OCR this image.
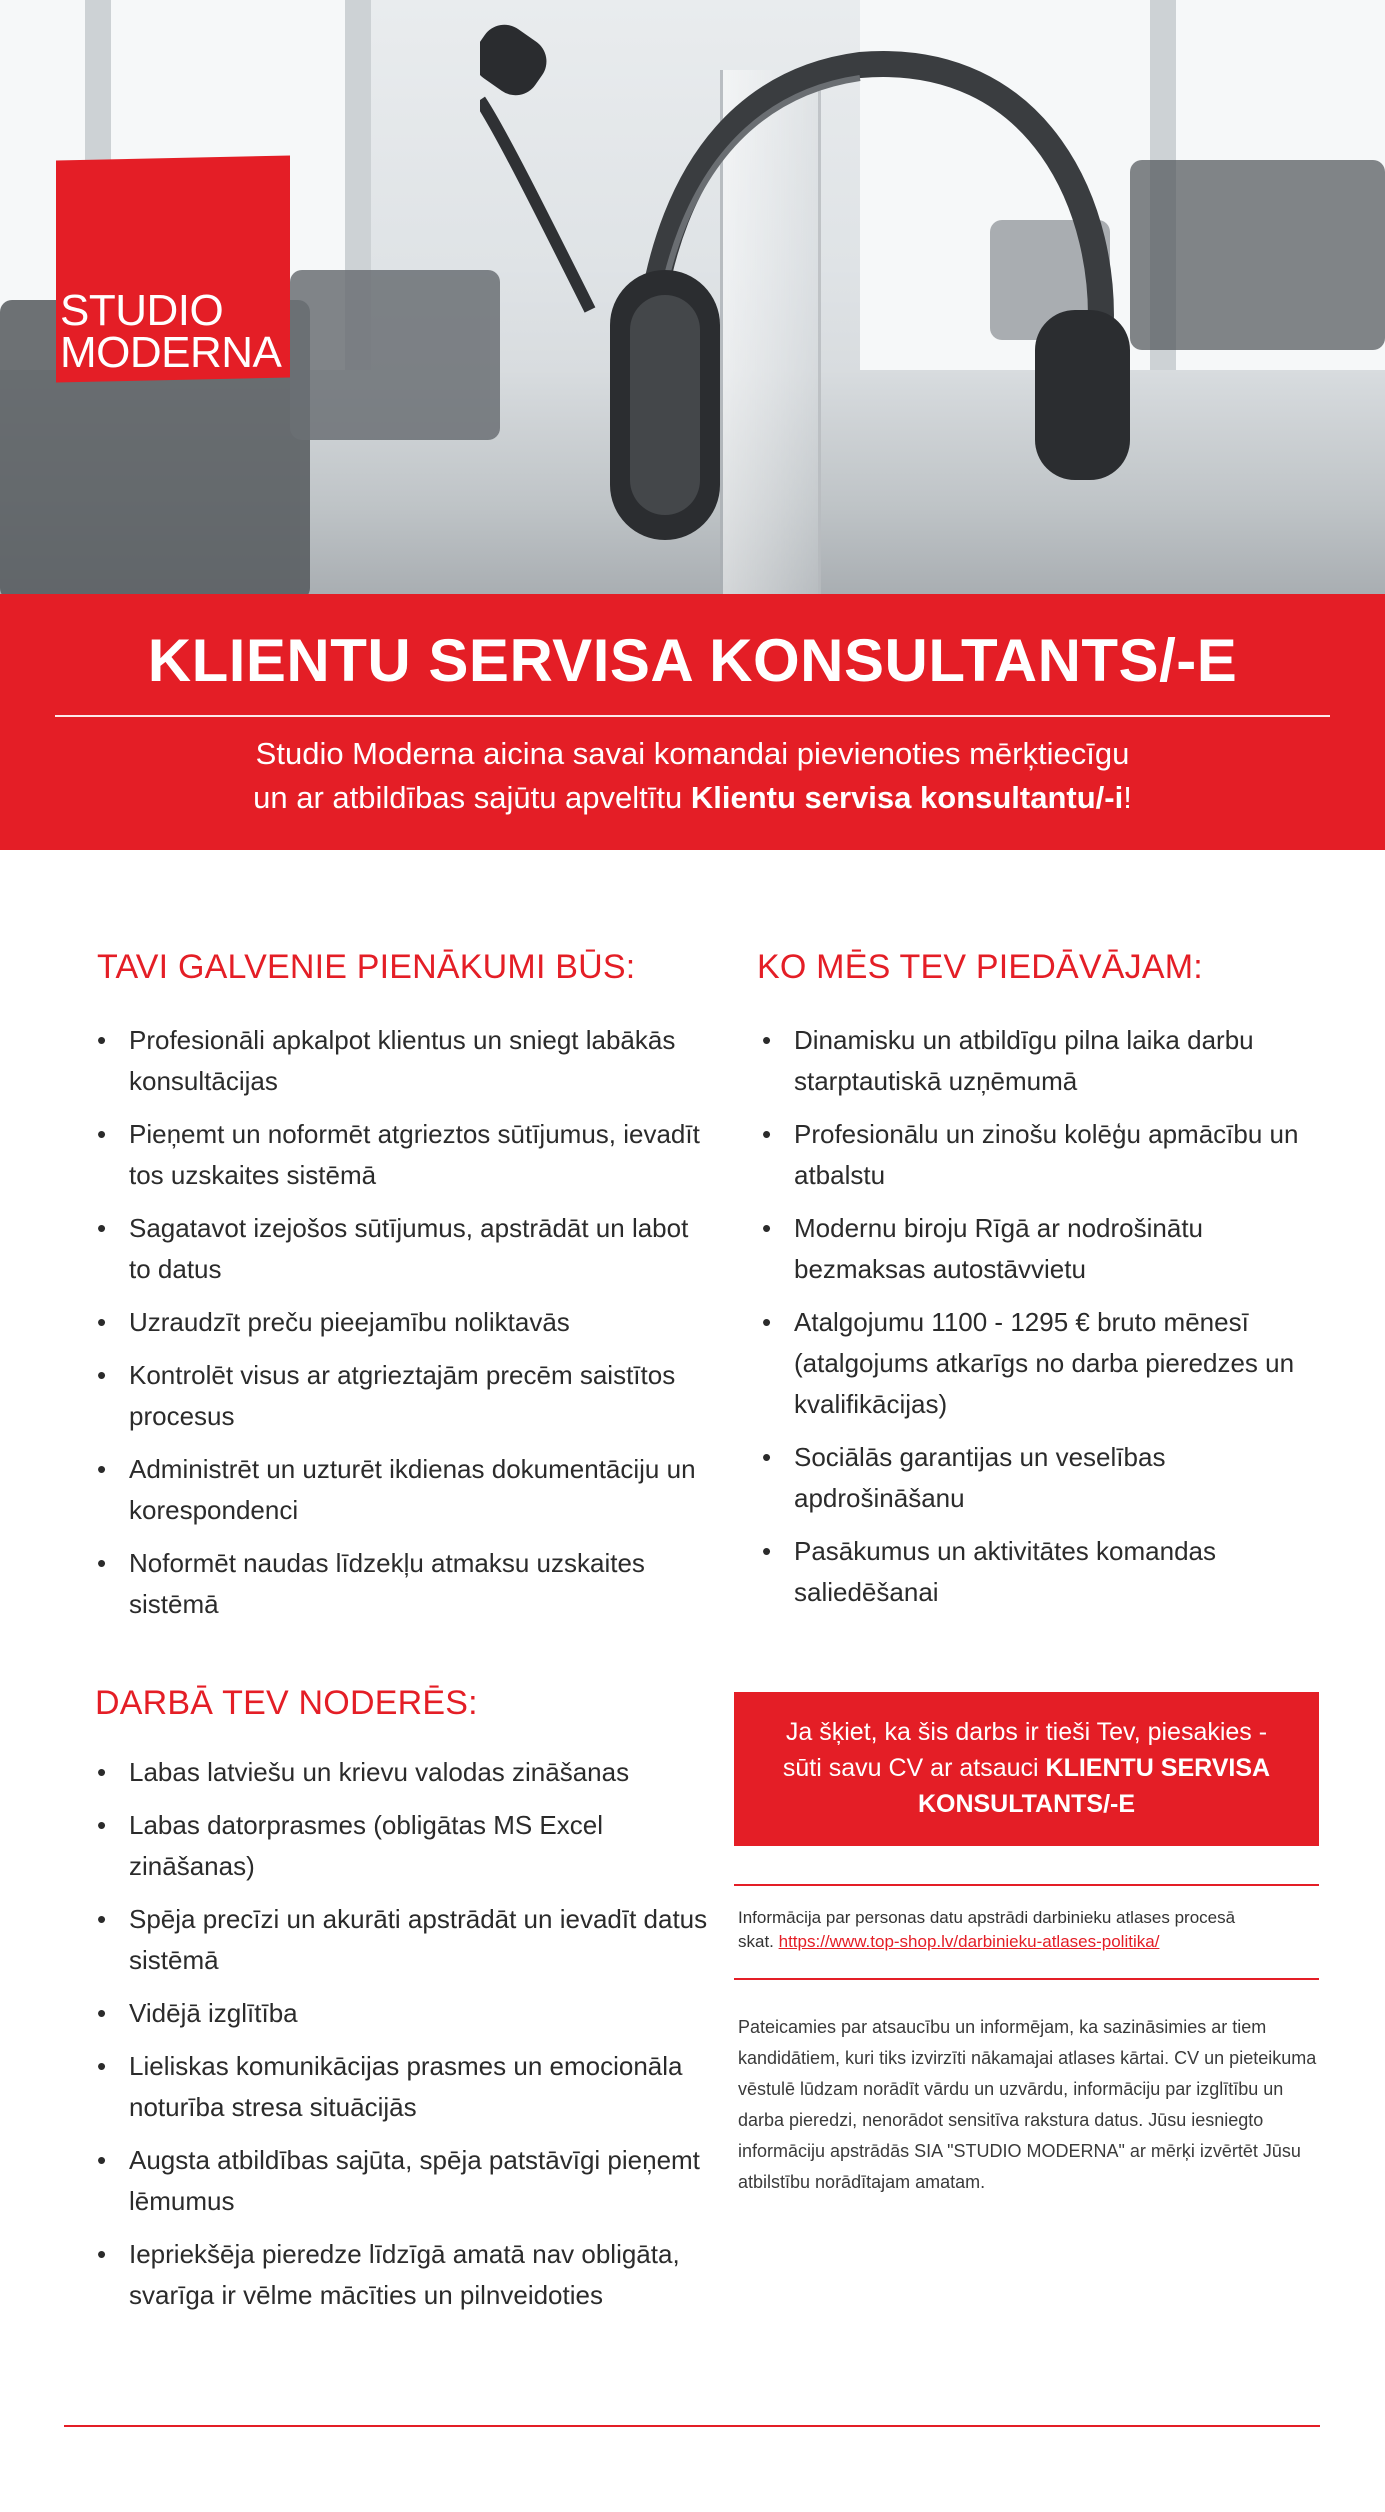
STUDIO
MODERNA
KLIENTU SERVISA KONSULTANTS/-E
Studio Moderna aicina savai komandai pievienoties mērķtiecīgu
un ar atbildības sajūtu apveltītu Klientu servisa konsultantu/-i!
TAVI GALVENIE PIENĀKUMI BŪS:
• Profesionāli apkalpot klientus un sniegt labākās konsultācijas
• Pieņemt un noformēt atgrieztos sūtījumus, ievadīt tos uzskaites sistēmā
• Sagatavot izejošos sūtījumus, apstrādāt un labot to datus
• Uzraudzīt preču pieejamību noliktavās
• Kontrolēt visus ar atgrieztajām precēm saistītos procesus
• Administrēt un uzturēt ikdienas dokumentāciju un korespondenci
• Noformēt naudas līdzekļu atmaksu uzskaites sistēmā
KO MĒS TEV PIEDĀVĀJAM:
• Dinamisku un atbildīgu pilna laika darbu starptautiskā uzņēmumā
• Profesionālu un zinošu kolēģu apmācību un atbalstu
• Modernu biroju Rīgā ar nodrošinātu bezmaksas autostāvvietu
• Atalgojumu 1100 - 1295 € bruto mēnesī (atalgojums atkarīgs no darba pieredzes un kvalifikācijas)
• Sociālās garantijas un veselības apdrošināšanu
• Pasākumus un aktivitātes komandas saliedēšanai
DARBĀ TEV NODERĒS:
• Labas latviešu un krievu valodas zināšanas
• Labas datorprasmes (obligātas MS Excel zināšanas)
• Spēja precīzi un akurāti apstrādāt un ievadīt datus sistēmā
• Vidējā izglītība
• Lieliskas komunikācijas prasmes un emocionāla noturība stresa situācijās
• Augsta atbildības sajūta, spēja patstāvīgi pieņemt lēmumus
• Iepriekšēja pieredze līdzīgā amatā nav obligāta, svarīga ir vēlme mācīties un pilnveidoties
Ja šķiet, ka šis darbs ir tieši Tev, piesakies -
sūti savu CV ar atsauci KLIENTU SERVISA
KONSULTANTS/-E
Informācija par personas datu apstrādi darbinieku atlases procesā
skat. https://www.top-shop.lv/darbinieku-atlases-politika/
Pateicamies par atsaucību un informējam, ka sazināsimies ar tiem kandidātiem, kuri tiks izvirzīti nākamajai atlases kārtai. CV un pieteikuma vēstulē lūdzam norādīt vārdu un uzvārdu, informāciju par izglītību un darba pieredzi, nenorādot sensitīva rakstura datus. Jūsu iesniegto informāciju apstrādās SIA "STUDIO MODERNA" ar mērķi izvērtēt Jūsu atbilstību norādītajam amatam.
